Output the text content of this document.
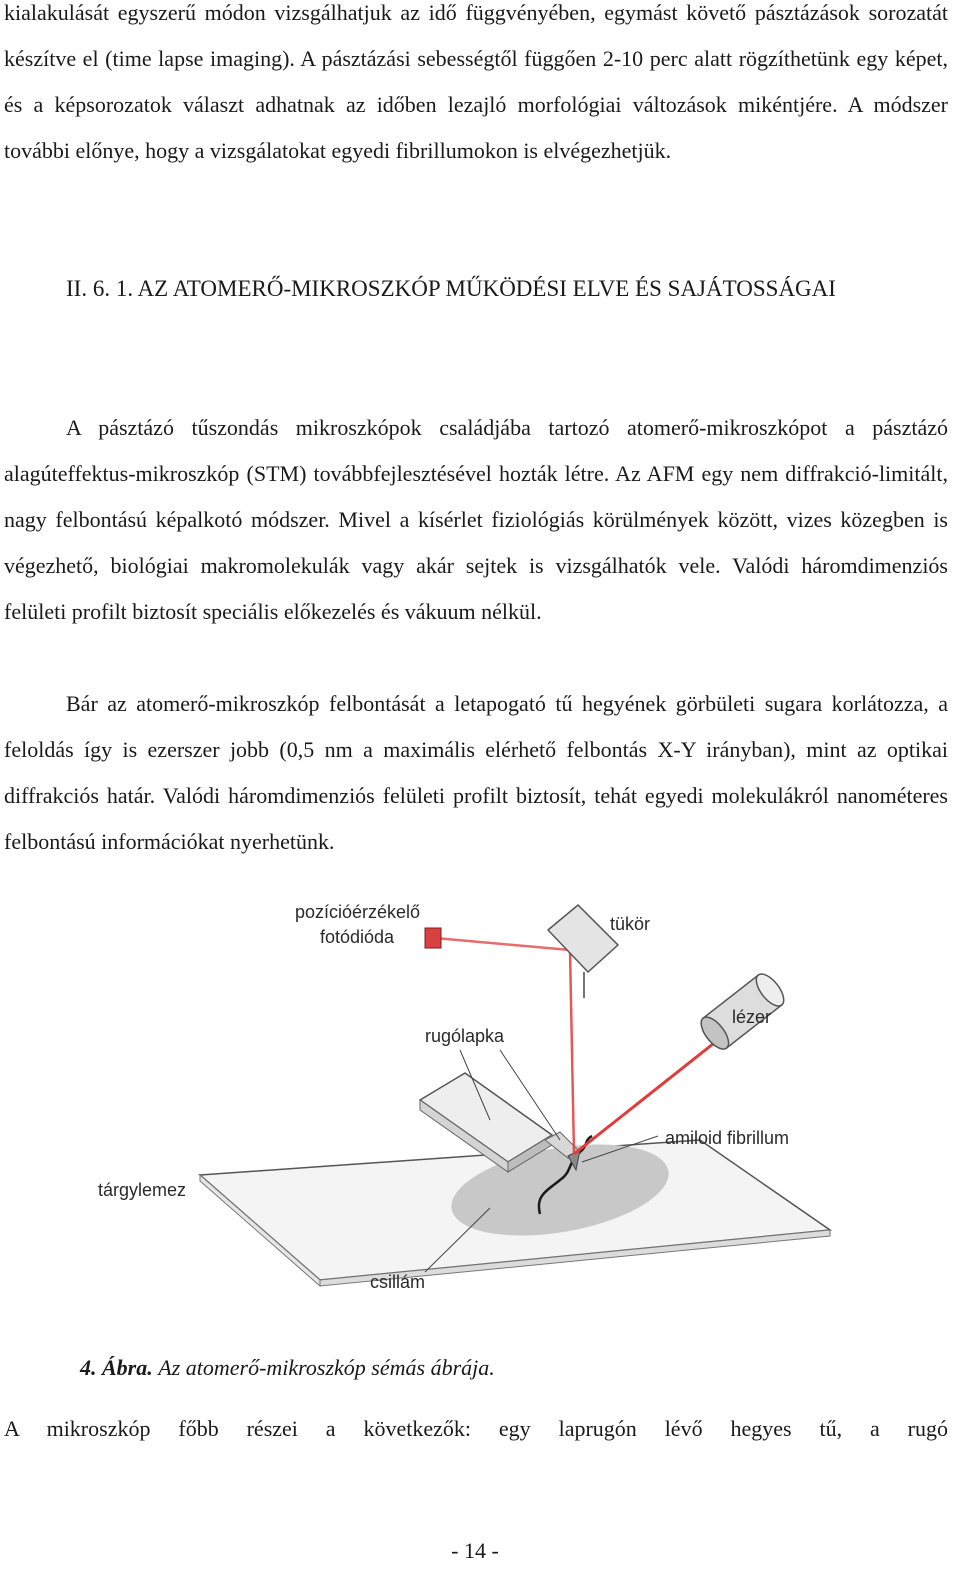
kialakulását egyszerű módon vizsgálhatjuk az idő függvényében, egymást követő pásztázások sorozatát készítve el (time lapse imaging). A pásztázási sebességtől függően 2-10 perc alatt rögzíthetünk egy képet, és a képsorozatok választ adhatnak az időben lezajló morfológiai változások mikéntjére. A módszer további előnye, hogy a vizsgálatokat egyedi fibrillumokon is elvégezhetjük.

II. 6. 1. AZ ATOMERŐ-MIKROSZKÓP MŰKÖDÉSI ELVE ÉS SAJÁTOSSÁGAI

A pásztázó tűszondás mikroszkópok családjába tartozó atomerő-mikroszkópot a pásztázó alagúteffektus-mikroszkóp (STM) továbbfejlesztésével hozták létre. Az AFM egy nem diffrakció-limitált, nagy felbontású képalkotó módszer. Mivel a kísérlet fiziológiás körülmények között, vizes közegben is végezhető, biológiai makromolekulák vagy akár sejtek is vizsgálhatók vele. Valódi háromdimenziós felületi profilt biztosít speciális előkezelés és vákuum nélkül.

Bár az atomerő-mikroszkóp felbontását a letapogató tű hegyének görbületi sugara korlátozza, a feloldás így is ezerszer jobb (0,5 nm a maximális elérhető felbontás X-Y irányban), mint az optikai diffrakciós határ. Valódi háromdimenziós felületi profilt biztosít, tehát egyedi molekulákról nanométeres felbontású információkat nyerhetünk.

pozícióérzékelő
fotódióda
tükör
lézer
rugólapka
amiloid fibrillum
tárgylemez
csillám
4. Ábra. Az atomerő-mikroszkóp sémás ábrája.

A mikroszkóp főbb részei a következők: egy laprugón lévő hegyes tű, a rugó

- 14 -
